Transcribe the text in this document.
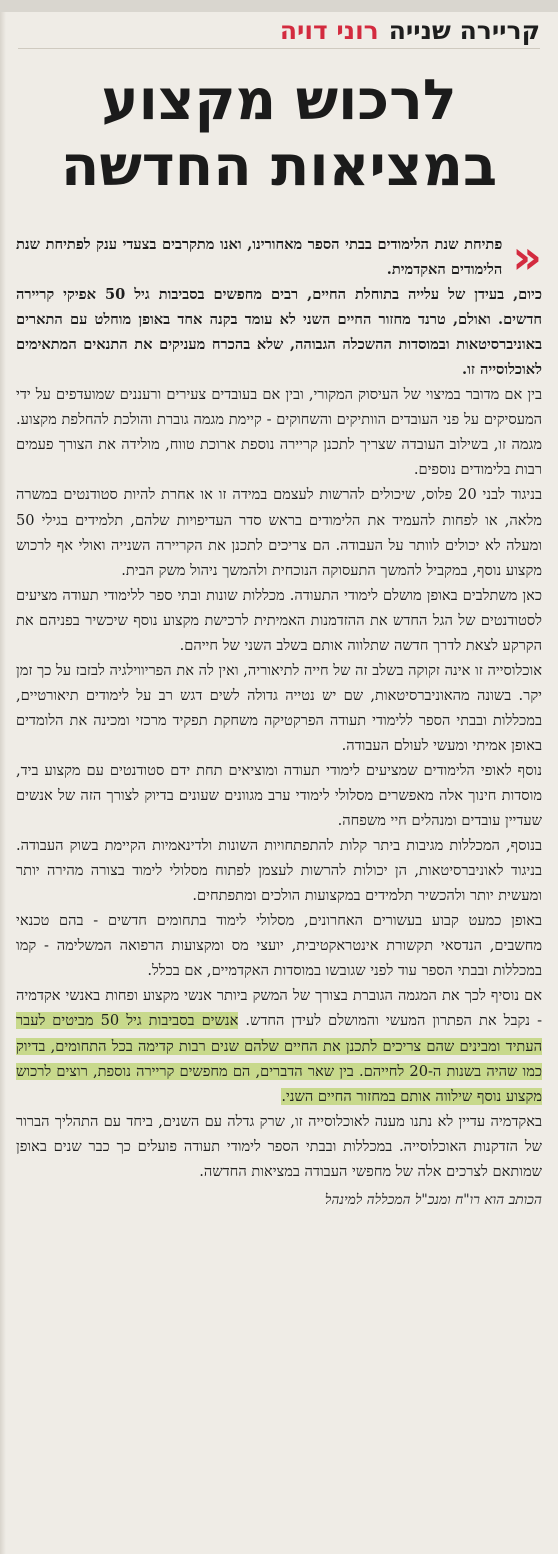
קריירה שנייה
רוני דויה
לרכוש מקצוע
במציאות החדשה
«

פתיחת שנת הלימודים בבתי הספר מאחורינו, ואנו מתקרבים בצעדי ענק לפתיחת שנת הלימודים האקדמית.

כיום, בעידן של עלייה בתוחלת החיים, רבים מחפשים בסביבות גיל 50 אפיקי קריירה חדשים. ואולם, טרנד מחזור החיים השני לא עומד בקנה אחד באופן מוחלט עם התארים באוניברסיטאות ובמוסדות ההשכלה הגבוהה, שלא בהכרח מעניקים את התנאים המתאימים לאוכלוסייה זו.

בין אם מדובר במיצוי של העיסוק המקורי, ובין אם בעובדים צעירים ורעננים שמועדפים על ידי המעסיקים על פני העובדים הוותיקים והשחוקים - קיימת מגמה גוברת והולכת להחלפת מקצוע. מגמה זו, בשילוב העובדה שצריך לתכנן קריירה נוספת ארוכת טווח, מולידה את הצורך פעמים רבות בלימודים נוספים.

בניגוד לבני 20 פלוס, שיכולים להרשות לעצמם במידה זו או אחרת להיות סטודנטים במשרה מלאה, או לפחות להעמיד את הלימודים בראש סדר העדיפויות שלהם, תלמידים בגילי 50 ומעלה לא יכולים לוותר על העבודה. הם צריכים לתכנן את הקריירה השנייה ואולי אף לרכוש מקצוע נוסף, במקביל להמשך התעסוקה הנוכחית ולהמשך ניהול משק הבית.

כאן משתלבים באופן מושלם לימודי התעודה. מכללות שונות ובתי ספר ללימודי תעודה מציעים לסטודנטים של הגל החדש את ההזדמנות האמיתית לרכישת מקצוע נוסף שיכשיר בפניהם את הקרקע לצאת לדרך חדשה שתלווה אותם בשלב השני של חייהם.

אוכלוסייה זו אינה זקוקה בשלב זה של חייה לתיאוריה, ואין לה את הפריווילגיה לבזבז על כך זמן יקר. בשונה מהאוניברסיטאות, שם יש נטייה גדולה לשים דגש רב על לימודים תיאורטיים, במכללות ובבתי הספר ללימודי תעודה הפרקטיקה משחקת תפקיד מרכזי ומכינה את הלומדים באופן אמיתי ומעשי לעולם העבודה.

נוסף לאופי הלימודים שמציעים לימודי תעודה ומוציאים תחת ידם סטודנטים עם מקצוע ביד, מוסדות חינוך אלה מאפשרים מסלולי לימודי ערב מגוונים שעונים בדיוק לצורך הזה של אנשים שעדיין עובדים ומנהלים חיי משפחה.

בנוסף, המכללות מגיבות ביתר קלות להתפתחויות השונות ולדינאמיות הקיימת בשוק העבודה. בניגוד לאוניברסיטאות, הן יכולות להרשות לעצמן לפתוח מסלולי לימוד בצורה מהירה יותר ומעשית יותר ולהכשיר תלמידים במקצועות הולכים ומתפתחים.

באופן כמעט קבוע בעשורים האחרונים, מסלולי לימוד בתחומים חדשים - בהם טכנאי מחשבים, הנדסאי תקשורת אינטראקטיבית, יועצי מס ומקצועות הרפואה המשלימה - קמו במכללות ובבתי הספר עוד לפני שגובשו במוסדות האקדמיים, אם בכלל.

אם נוסיף לכך את המגמה הגוברת בצורך של המשק ביותר אנשי מקצוע ופחות באנשי אקדמיה - נקבל את הפתרון המעשי והמושלם לעידן החדש. אנשים בסביבות גיל 50 מביטים לעבר העתיד ומבינים שהם צריכים לתכנן את החיים שלהם שנים רבות קדימה בכל התחומים, בדיוק כמו שהיה בשנות ה-20 לחייהם. בין שאר הדברים, הם מחפשים קריירה נוספת, רוצים לרכוש מקצוע נוסף שילווה אותם במחזור החיים השני.

באקדמיה עדיין לא נתנו מענה לאוכלוסייה זו, שרק גדלה עם השנים, ביחד עם התהליך הברור של הזדקנות האוכלוסייה. במכללות ובבתי הספר לימודי תעודה פועלים כך כבר שנים באופן שמותאם לצרכים אלה של מחפשי העבודה במציאות החדשה.

הכותב הוא רו"ח ומנכ"ל המכללה למינהל
